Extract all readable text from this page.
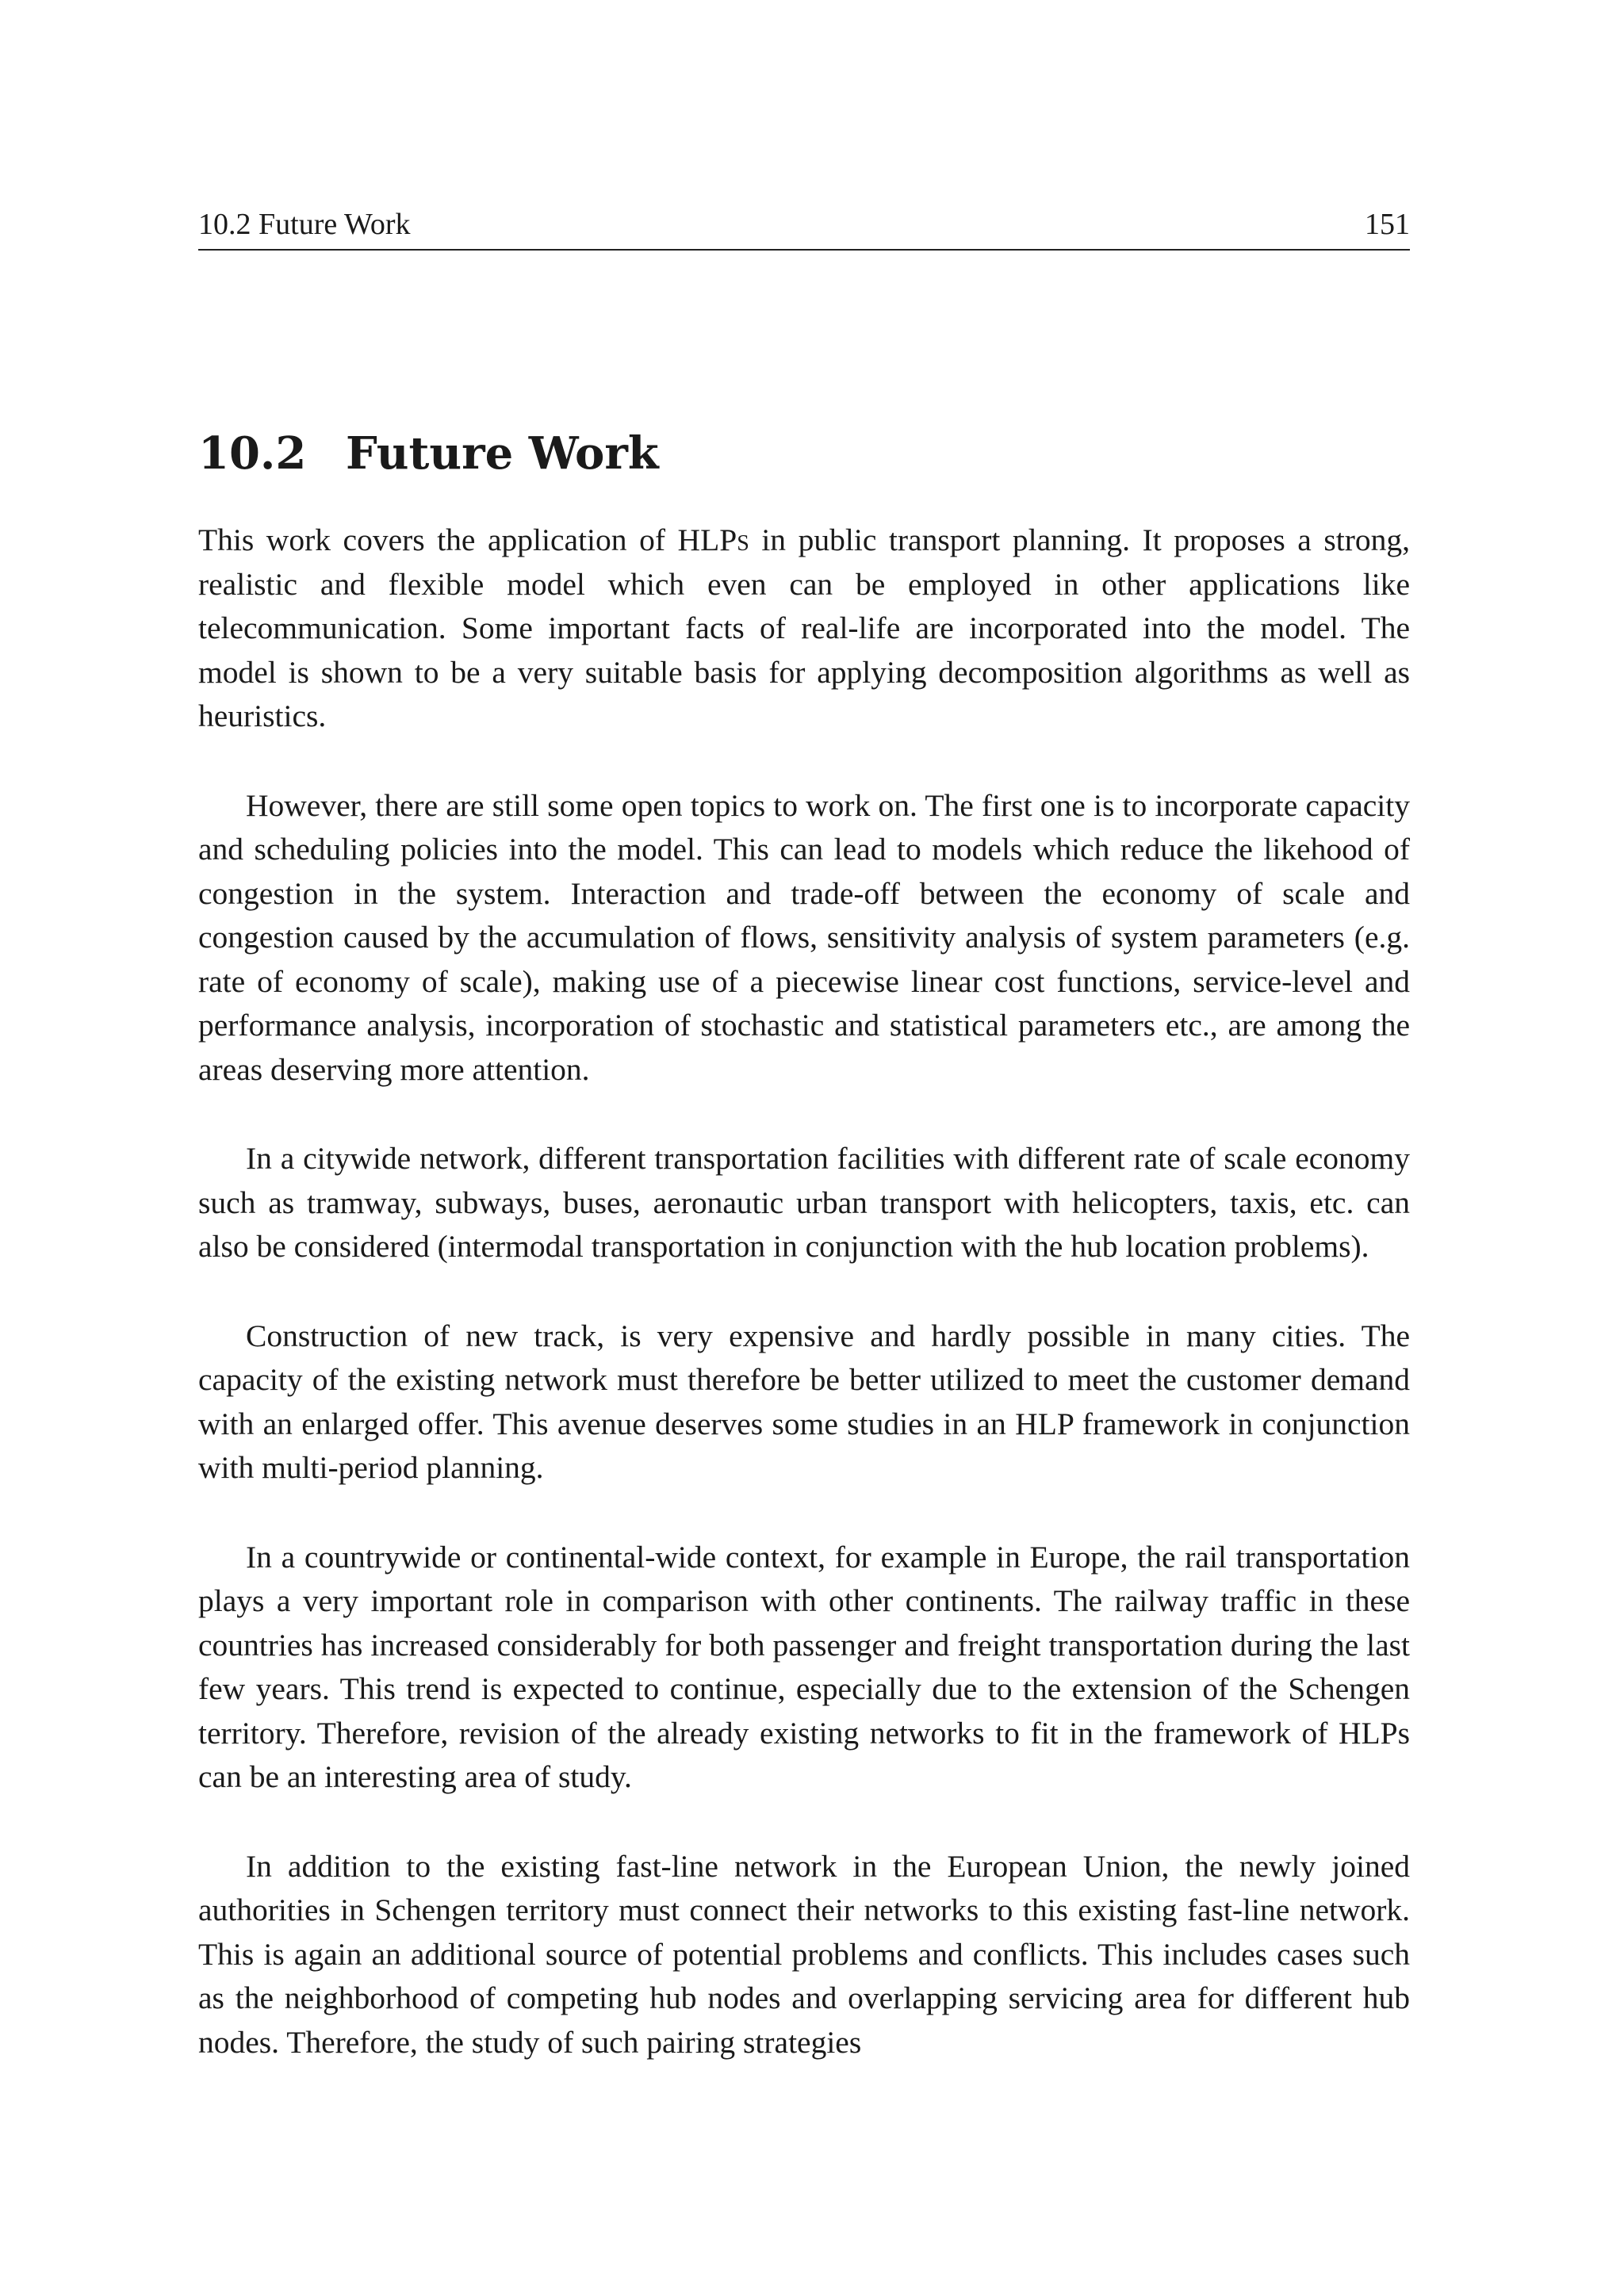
10.2 Future Work	151
10.2 Future Work

This work covers the application of HLPs in public transport planning. It proposes a strong, realistic and flexible model which even can be employed in other applications like telecommunication. Some important facts of real-life are incorporated into the model. The model is shown to be a very suitable basis for applying decomposition algorithms as well as heuristics.

However, there are still some open topics to work on. The first one is to incorporate capacity and scheduling policies into the model. This can lead to models which reduce the likehood of congestion in the system. Interaction and trade-off between the economy of scale and congestion caused by the accumulation of flows, sensitivity analysis of system parameters (e.g. rate of economy of scale), making use of a piecewise linear cost functions, service-level and performance analysis, incorporation of stochastic and statistical parameters etc., are among the areas deserving more attention.

In a citywide network, different transportation facilities with different rate of scale economy such as tramway, subways, buses, aeronautic urban transport with helicopters, taxis, etc. can also be considered (intermodal transportation in conjunction with the hub location problems).

Construction of new track, is very expensive and hardly possible in many cities. The capacity of the existing network must therefore be better utilized to meet the customer demand with an enlarged offer. This avenue deserves some studies in an HLP framework in conjunction with multi-period planning.

In a countrywide or continental-wide context, for example in Europe, the rail transportation plays a very important role in comparison with other continents. The railway traffic in these countries has increased considerably for both passenger and freight transportation during the last few years. This trend is expected to continue, especially due to the extension of the Schengen territory. Therefore, revision of the already existing networks to fit in the framework of HLPs can be an interesting area of study.

In addition to the existing fast-line network in the European Union, the newly joined authorities in Schengen territory must connect their networks to this existing fast-line network. This is again an additional source of potential problems and conflicts. This includes cases such as the neighborhood of competing hub nodes and overlapping servicing area for different hub nodes. Therefore, the study of such pairing strategies
